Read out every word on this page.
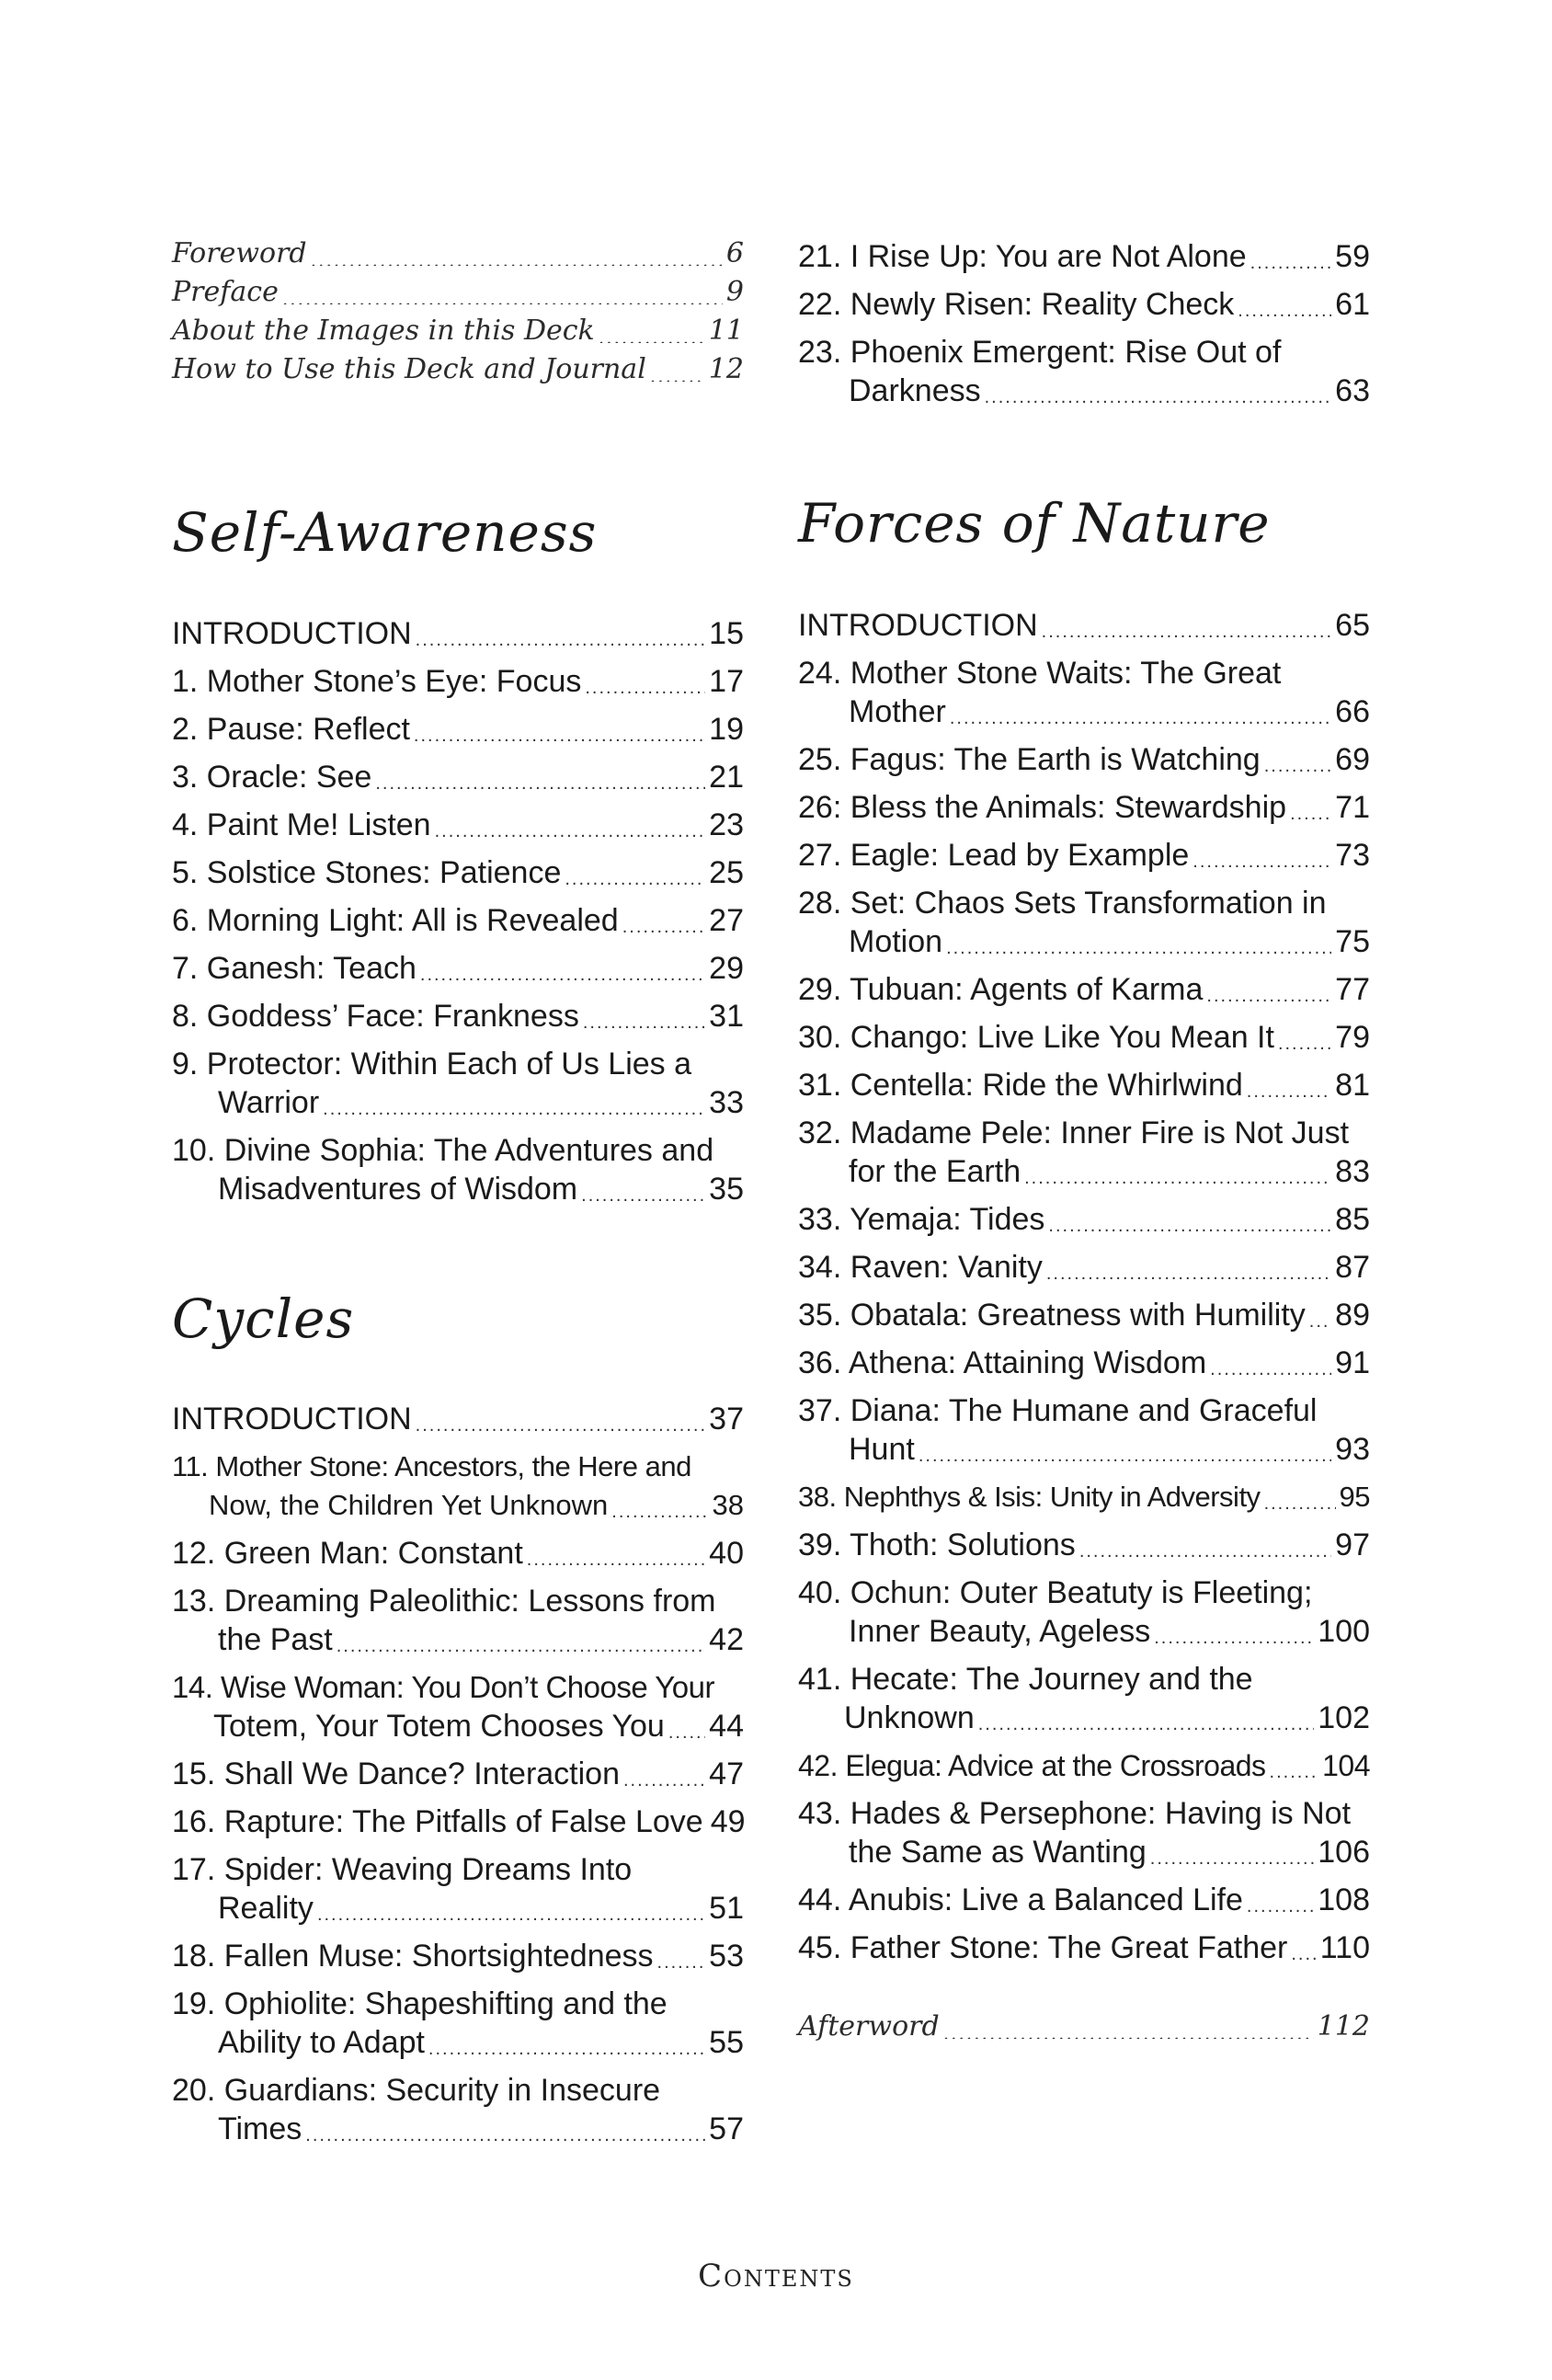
Foreword .....	6
Preface .....	9
About the Images in this Deck .....	11
How to Use this Deck and Journal ..... 12
Self-Awareness
INTRODUCTION .....	15
1. Mother Stone’s Eye: Focus .....	17
2. Pause: Reflect .....	19
3. Oracle: See .....	21
4. Paint Me! Listen .....	23
5. Solstice Stones: Patience .....	25
6. Morning Light: All is Revealed .....	27
7. Ganesh: Teach .....	29
8. Goddess’ Face: Frankness .....	31
9. Protector: Within Each of Us Lies a
Warrior .....	33
10. Divine Sophia: The Adventures and
Misadventures of Wisdom .....	35
Cycles
INTRODUCTION .....	37
11. Mother Stone: Ancestors, the Here and
Now, the Children Yet Unknown .....	38
12. Green Man: Constant .....	40
13. Dreaming Paleolithic: Lessons from
the Past .....	42
14. Wise Woman: You Don’t Choose Your
Totem, Your Totem Chooses You ..... 44
15. Shall We Dance? Interaction .....	47
16. Rapture: The Pitfalls of False Love 49
17. Spider: Weaving Dreams Into
Reality .....	51
18. Fallen Muse: Shortsightedness ..... 53
19. Ophiolite: Shapeshifting and the
Ability to Adapt .....	55
20. Guardians: Security in Insecure
Times .....	57
21. I Rise Up: You are Not Alone .....	59
22. Newly Risen: Reality Check .....	61
23. Phoenix Emergent: Rise Out of
Darkness .....	63
Forces of Nature
INTRODUCTION .....	65
24. Mother Stone Waits: The Great
Mother .....	66
25. Fagus: The Earth is Watching ..... 69
26: Bless the Animals: Stewardship ..... 71
27. Eagle: Lead by Example .....	73
28. Set: Chaos Sets Transformation in
Motion .....	75
29. Tubuan: Agents of Karma .....	77
30. Chango: Live Like You Mean It ..... 79
31. Centella: Ride the Whirlwind .....	81
32. Madame Pele: Inner Fire is Not Just
for the Earth .....	83
33. Yemaja: Tides .....	85
34. Raven: Vanity .....	87
35. Obatala: Greatness with Humility ..... 89
36. Athena: Attaining Wisdom .....	91
37. Diana: The Humane and Graceful
Hunt .....	93
38. Nephthys & Isis: Unity in Adversity .....	95
39. Thoth: Solutions .....	97
40. Ochun: Outer Beatuty is Fleeting;
Inner Beauty, Ageless .....	100
41. Hecate: The Journey and the
Unknown .....	102
42. Elegua: Advice at the Crossroads ..... 104
43. Hades & Persephone: Having is Not
the Same as Wanting .....	106
44. Anubis: Live a Balanced Life ..... 108
45. Father Stone: The Great Father ..... 110
Afterword .....	112
Contents
